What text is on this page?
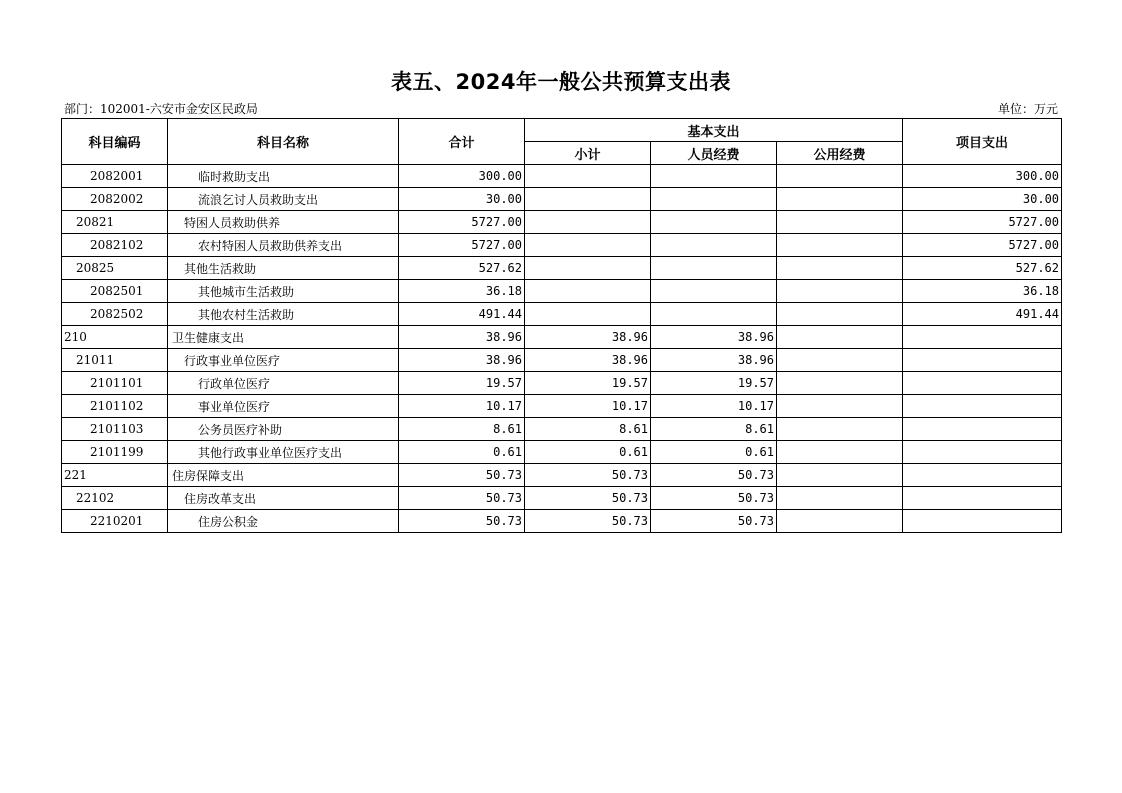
表五、2024年一般公共预算支出表
部门：102001-六安市金安区民政局	单位：万元
科目编码	科目名称	合计	基本支出			项目支出
			小计	人员经费	公用经费	
2082001	临时救助支出	300.00				300.00
2082002	流浪乞讨人员救助支出	30.00				30.00
20821	特困人员救助供养	5727.00				5727.00
2082102	农村特困人员救助供养支出	5727.00				5727.00
20825	其他生活救助	527.62				527.62
2082501	其他城市生活救助	36.18				36.18
2082502	其他农村生活救助	491.44				491.44
210	卫生健康支出	38.96	38.96	38.96		
21011	行政事业单位医疗	38.96	38.96	38.96		
2101101	行政单位医疗	19.57	19.57	19.57		
2101102	事业单位医疗	10.17	10.17	10.17		
2101103	公务员医疗补助	8.61	8.61	8.61		
2101199	其他行政事业单位医疗支出	0.61	0.61	0.61		
221	住房保障支出	50.73	50.73	50.73		
22102	住房改革支出	50.73	50.73	50.73		
2210201	住房公积金	50.73	50.73	50.73		
